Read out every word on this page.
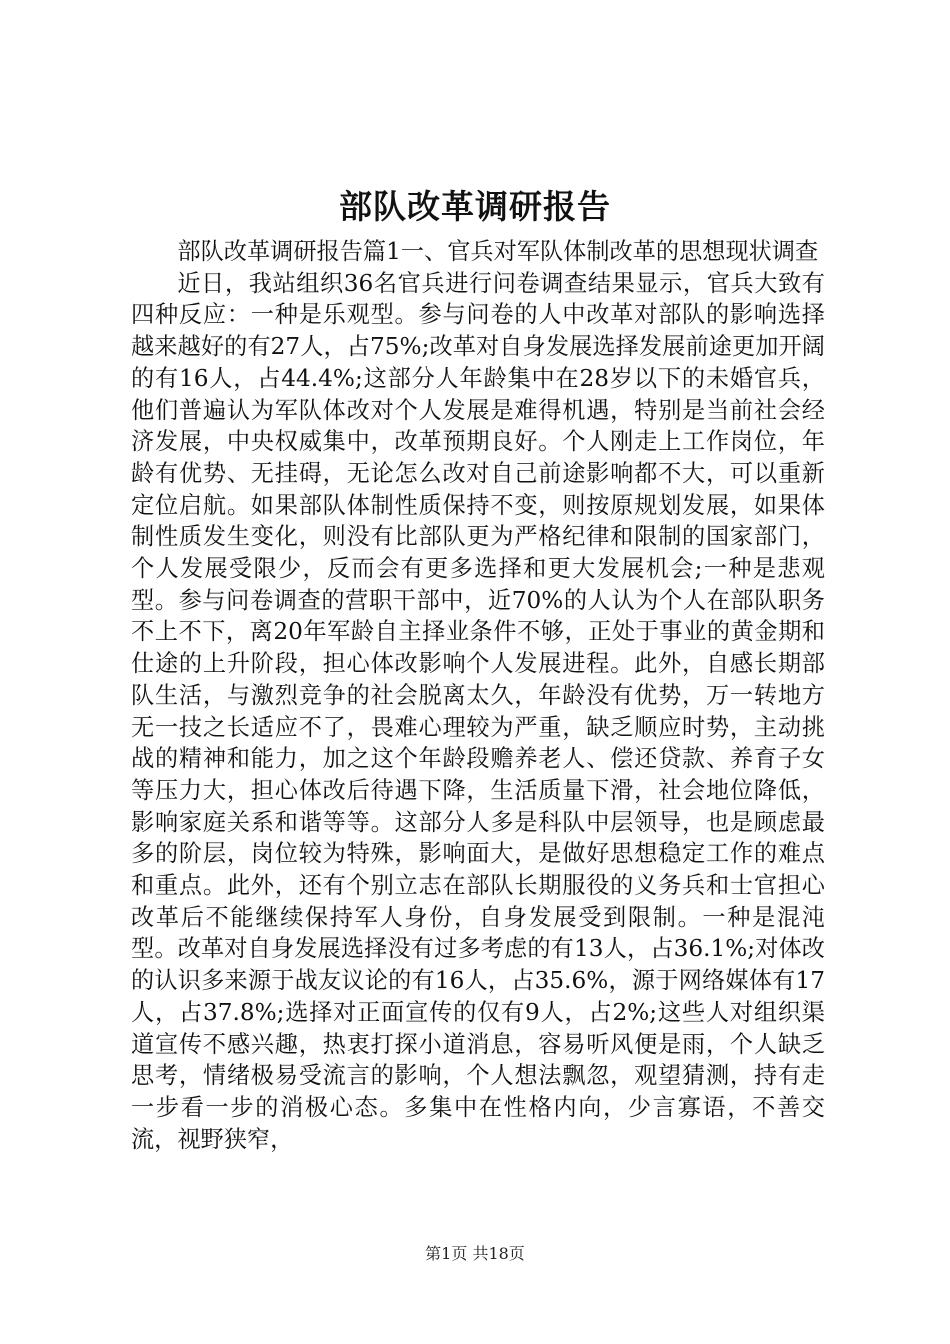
部队改革调研报告

部队改革调研报告篇1一、官兵对军队体制改革的思想现状调查

近日，我站组织36名官兵进行问卷调查结果显示，官兵大致有四种反应：一种是乐观型。参与问卷的人中改革对部队的影响选择越来越好的有27人，占75%;改革对自身发展选择发展前途更加开阔的有16人，占44.4%;这部分人年龄集中在28岁以下的未婚官兵，他们普遍认为军队体改对个人发展是难得机遇，特别是当前社会经济发展，中央权威集中，改革预期良好。个人刚走上工作岗位，年龄有优势、无挂碍，无论怎么改对自己前途影响都不大，可以重新定位启航。如果部队体制性质保持不变，则按原规划发展，如果体制性质发生变化，则没有比部队更为严格纪律和限制的国家部门，个人发展受限少，反而会有更多选择和更大发展机会;一种是悲观型。参与问卷调查的营职干部中，近70%的人认为个人在部队职务不上不下，离20年军龄自主择业条件不够，正处于事业的黄金期和仕途的上升阶段，担心体改影响个人发展进程。此外，自感长期部队生活，与激烈竞争的社会脱离太久，年龄没有优势，万一转地方无一技之长适应不了，畏难心理较为严重，缺乏顺应时势，主动挑战的精神和能力，加之这个年龄段赡养老人、偿还贷款、养育子女等压力大，担心体改后待遇下降，生活质量下滑，社会地位降低，影响家庭关系和谐等等。这部分人多是科队中层领导，也是顾虑最多的阶层，岗位较为特殊，影响面大，是做好思想稳定工作的难点和重点。此外，还有个别立志在部队长期服役的义务兵和士官担心改革后不能继续保持军人身份，自身发展受到限制。一种是混沌型。改革对自身发展选择没有过多考虑的有13人，占36.1%;对体改的认识多来源于战友议论的有16人，占35.6%，源于网络媒体有17人，占37.8%;选择对正面宣传的仅有9人，占2%;这些人对组织渠道宣传不感兴趣，热衷打探小道消息，容易听风便是雨，个人缺乏思考，情绪极易受流言的影响，个人想法飘忽，观望猜测，持有走一步看一步的消极心态。多集中在性格内向，少言寡语，不善交流，视野狭窄，

第1页 共18页
